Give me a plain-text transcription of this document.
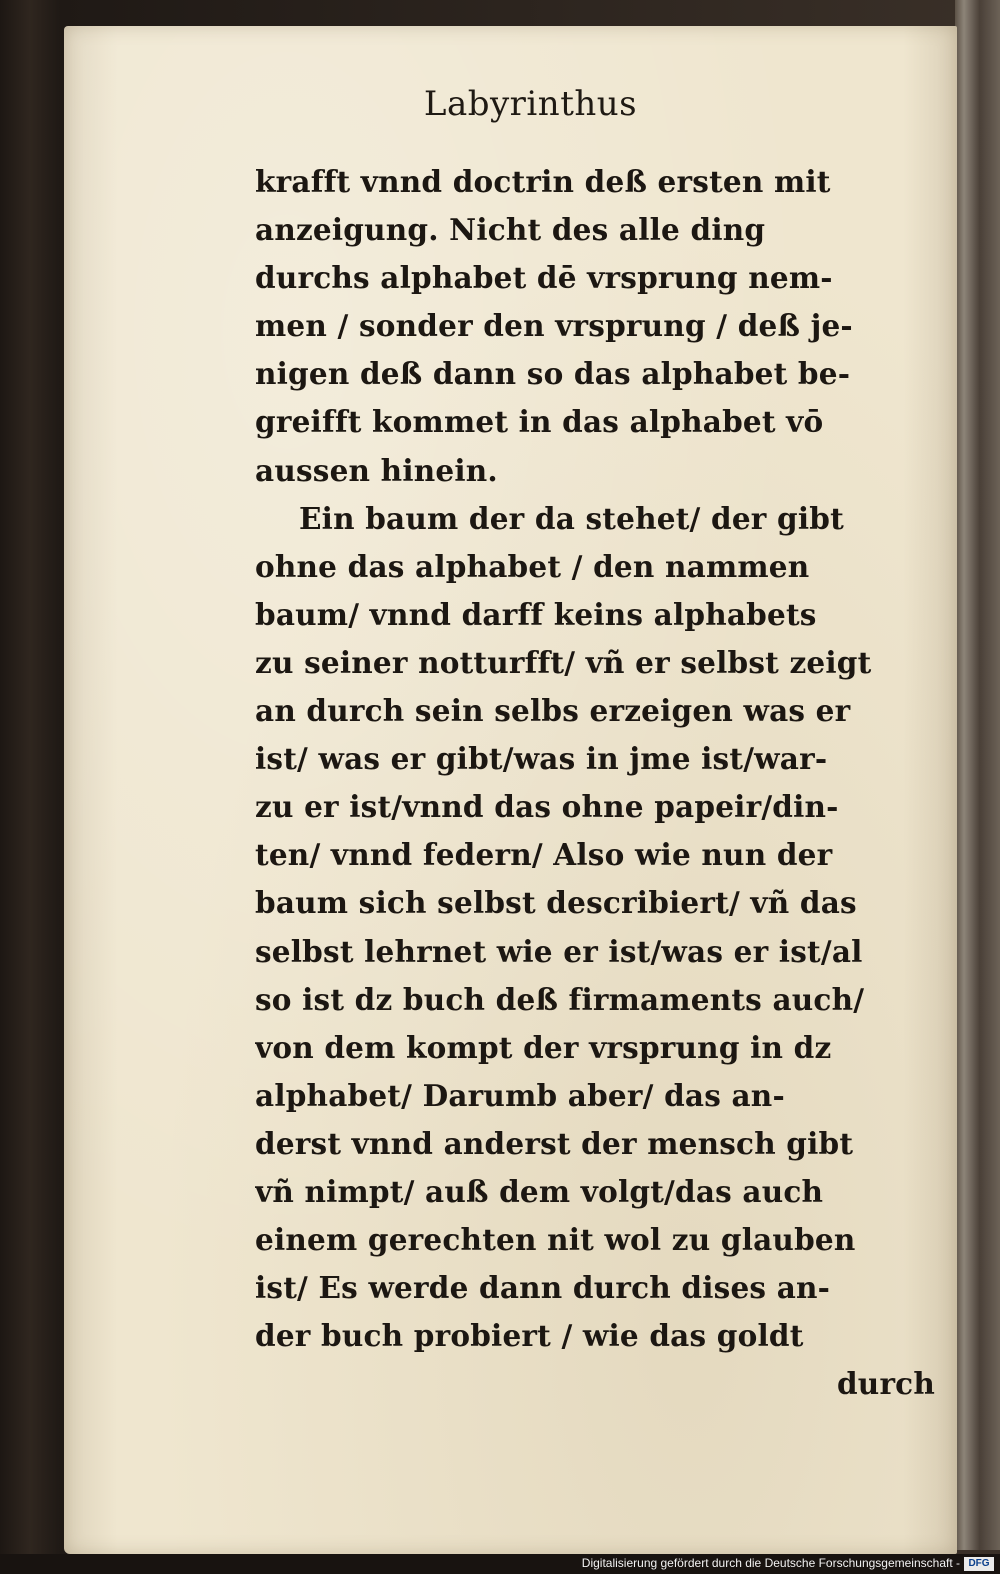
Labyrinthus
krafft vnnd doctrin deß ersten mit
anzeigung. Nicht des alle ding
durchs alphabet dē vrsprung nem-
men / sonder den vrsprung / deß je-
nigen deß dann so das alphabet be-
greifft kommet in das alphabet vō
aussen hinein.
Ein baum der da stehet/ der gibt
ohne das alphabet / den nammen
baum/ vnnd darff keins alphabets
zu seiner notturfft/ vñ er selbst zeigt
an durch sein selbs erzeigen was er
ist/ was er gibt/was in jme ist/war-
zu er ist/vnnd das ohne papeir/din-
ten/ vnnd federn/ Also wie nun der
baum sich selbst describiert/ vñ das
selbst lehrnet wie er ist/was er ist/al
so ist dz buch deß firmaments auch/
von dem kompt der vrsprung in dz
alphabet/ Darumb aber/ das an-
derst vnnd anderst der mensch gibt
vñ nimpt/ auß dem volgt/das auch
einem gerechten nit wol zu glauben
ist/ Es werde dann durch dises an-
der buch probiert / wie das goldt
durch
Digitalisierung gefördert durch die Deutsche Forschungsgemeinschaft - DFG
